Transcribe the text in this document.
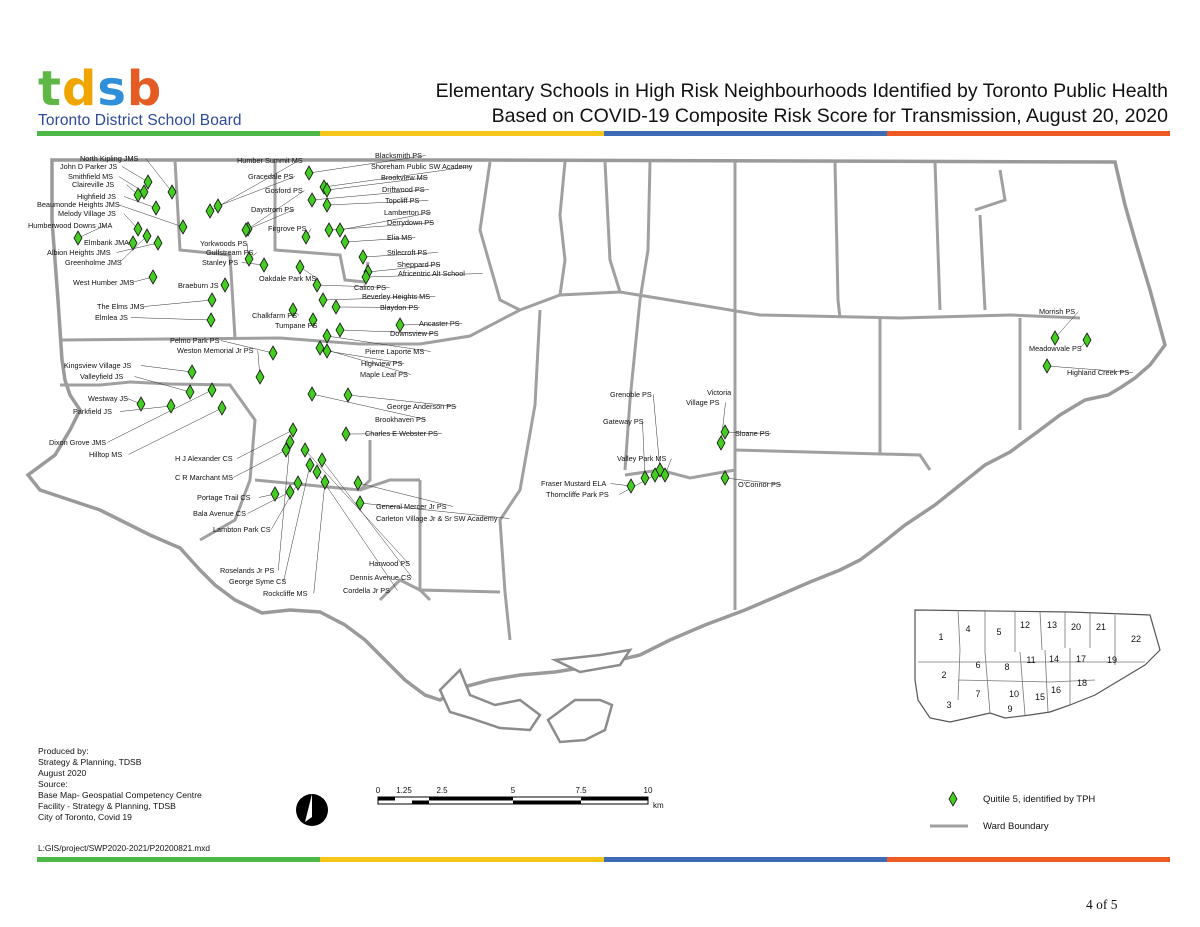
tdsb
Toronto District School Board
Elementary Schools in High Risk Neighbourhoods Identified by Toronto Public Health
Based on COVID-19 Composite Risk Score for Transmission, August 20, 2020
North Kipling JMS
John D Parker JS
Smithfield MS
Claireville JS
Highfield JS
Beaumonde Heights JMS
Melody Village JS
Humberwood Downs JMA
Elmbank JMA
Albion Heights JMS
Greenholme JMS
West Humber JMS	Braeburn JS
The Elms JMS
Elmlea JS
Humber Summit MS
Gracedale PS
Gosford PS
Daystrom PS
Firgrove PS
Yorkwoods PS
Gulfstream PS
Stanley PS
Oakdale Park MS
Chalkfarm PS
Tumpane PS
Blacksmith PS
Shoreham Public SW Academy
Brookview MS
Driftwood PS
Topcliff PS
Lamberton PS
Derrydown PS
Elia MS
Stilecroft PS
Sheppard PS
Africentric Alt School
Calico PS
Beverley Heights MS
Blaydon PS
Ancaster PS
Downsview PS
Pierre Laporte MS
Highview PS
Maple Leaf PS
Pelmo Park PS
Weston Memorial Jr PS
Kingsview Village JS
Valleyfield JS
Westway JS
Parkfield JS
Dixon Grove JMS
Hilltop MS
George Anderson PS
Brookhaven PS
Charles E Webster PS
H J Alexander CS
C R Marchant MS
Portage Trail CS
Bala Avenue CS
Lambton Park CS
General Mercer Jr PS
Carleton Village Jr & Sr SW Academy
Roselands Jr PS
George Syme CS
Rockcliffe MS
Harwood PS
Dennis Avenue CS
Cordella Jr PS
Grenoble PS	Victoria
Village PS
Gateway PS
Sloane PS
Valley Park MS
Fraser Mustard ELA
Thorncliffe Park PS
O'Connor PS
Morrish PS
Meadowvale PS
Highland Creek PS
0 1.25	2.5	5	7.5	10
km
1
2
3
4	5
6
7
8
9
10
11
12 13
14
15
16
17
18
19
20 21
22
Produced by:
Strategy & Planning, TDSB
August 2020
Source:
Base Map- Geospatial Competency Centre
Facility - Strategy & Planning, TDSB
City of Toronto, Covid 19
L:GIS/project/SWP2020-2021/P20200821.mxd
Quitile 5, identified by TPH
Ward Boundary
4 of 5
